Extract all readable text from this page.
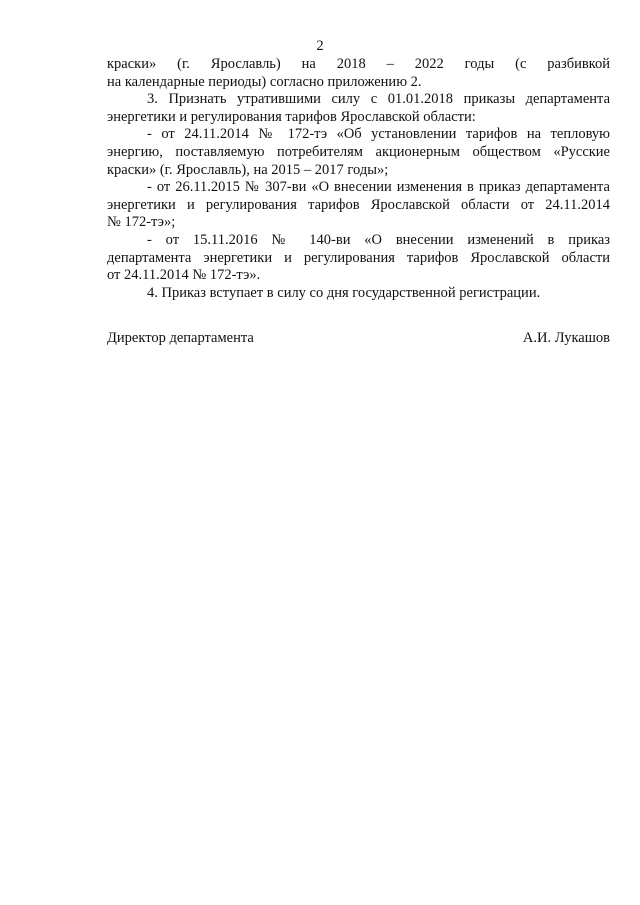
2
краски» (г. Ярославль) на 2018 – 2022 годы (с разбивкой
на календарные периоды) согласно приложению 2.
3. Признать утратившими силу с 01.01.2018 приказы департамента
энергетики и регулирования тарифов Ярославской области:
- от 24.11.2014 № 172-тэ «Об установлении тарифов на тепловую
энергию, поставляемую потребителям акционерным обществом «Русские
краски» (г. Ярославль), на 2015 – 2017 годы»;
- от 26.11.2015 № 307-ви «О внесении изменения в приказ департамента
энергетики и регулирования тарифов Ярославской области от 24.11.2014
№ 172-тэ»;
- от 15.11.2016 № 140-ви «О внесении изменений в приказ
департамента энергетики и регулирования тарифов Ярославской области
от 24.11.2014 № 172-тэ».
4. Приказ вступает в силу со дня государственной регистрации.
Директор департамента	А.И. Лукашов
